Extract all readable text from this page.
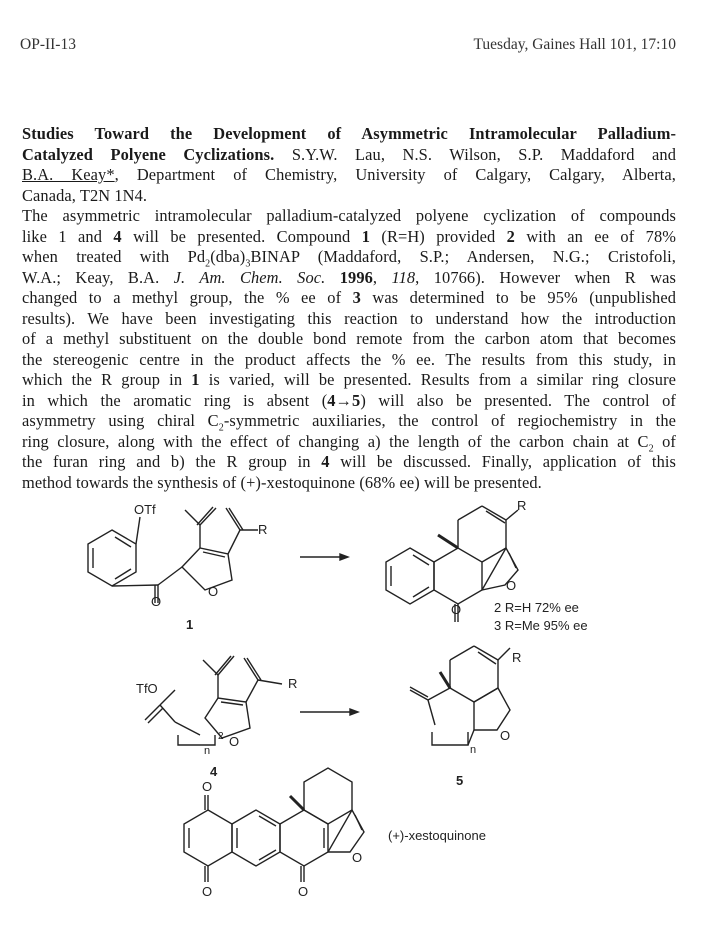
OP-II-13	Tuesday, Gaines Hall 101, 17:10
Studies Toward the Development of Asymmetric Intramolecular Palladium-
Catalyzed Polyene Cyclizations. S.Y.W. Lau, N.S. Wilson, S.P. Maddaford and
B.A. Keay*, Department of Chemistry, University of Calgary, Calgary, Alberta,
Canada, T2N 1N4.
The asymmetric intramolecular palladium-catalyzed polyene cyclization of compounds
like 1 and 4 will be presented. Compound 1 (R=H) provided 2 with an ee of 78%
when treated with $Pd_2(dba)_3BINAP$ (Maddaford, S.P.; Andersen, N.G.; Cristofoli,
W.A.; Keay, B.A. J. Am. Chem. Soc. 1996, 118, 10766). However when R was
changed to a methyl group, the % ee of 3 was determined to be 95% (unpublished
results). We have been investigating this reaction to understand how the introduction
of a methyl substituent on the double bond remote from the carbon atom that becomes
the stereogenic centre in the product affects the % ee. The results from this study, in
which the R group in 1 is varied, will be presented. Results from a similar ring closure
in which the aromatic ring is absent (4→5) will also be presented. The control of
asymmetry using chiral $C_2$-symmetric auxiliaries, the control of regiochemistry in the
ring closure, along with the effect of changing a) the length of the carbon chain at $C_2$ of
the furan ring and b) the R group in 4 will be discussed. Finally, application of this
method towards the synthesis of (+)-xestoquinone (68% ee) will be presented.
OTf
R
O
O
1
R
O
O	2 R=H 72% ee
3 R=Me 95% ee
TfO	R
n
2 O
4
R
n
O
5
O
O	O
O
(+)-xestoquinone
